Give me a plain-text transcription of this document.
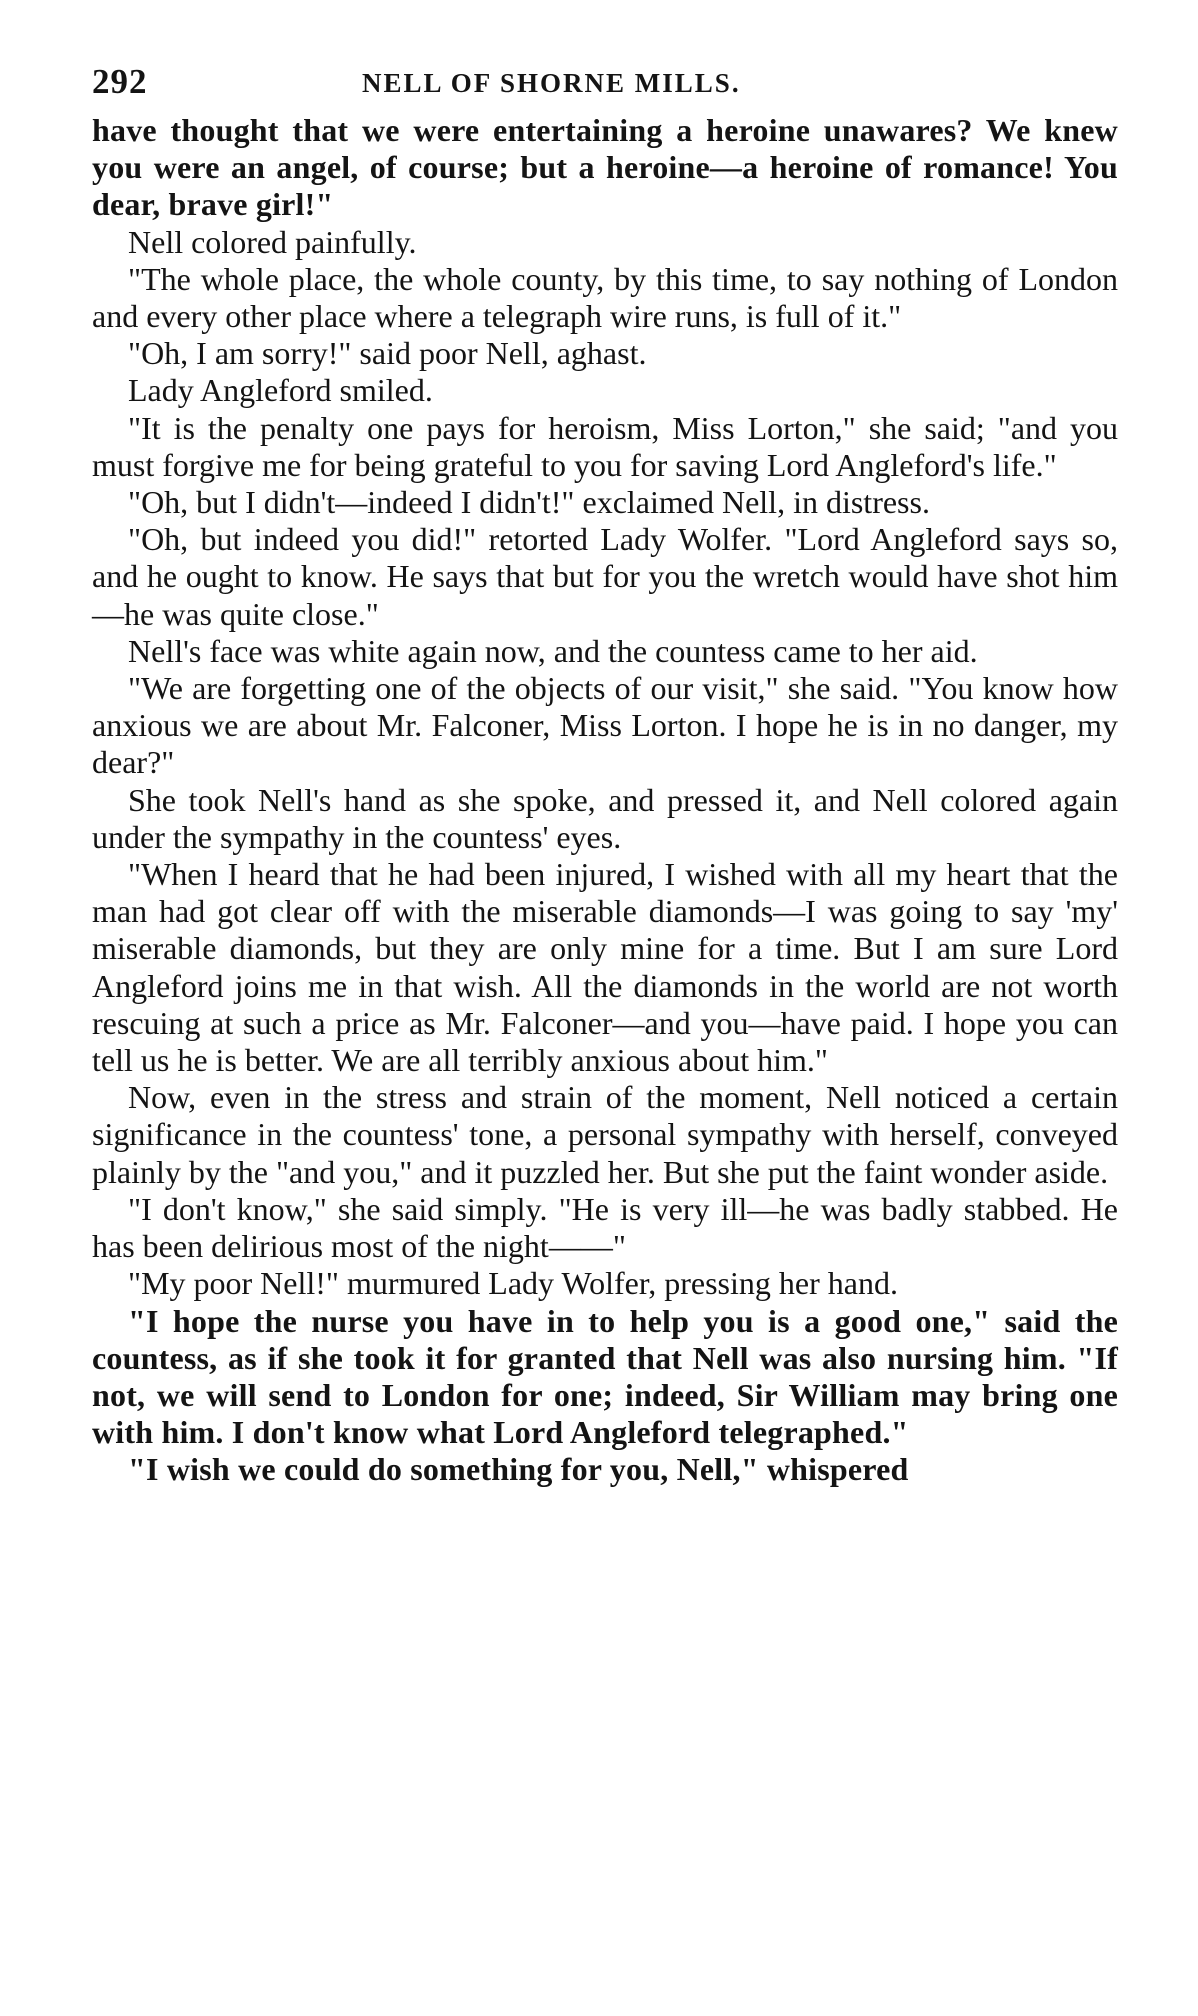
292	NELL OF SHORNE MILLS.

have thought that we were entertaining a heroine unawares? We knew you were an angel, of course; but a heroine—a heroine of romance! You dear, brave girl!"

Nell colored painfully.

"The whole place, the whole county, by this time, to say nothing of London and every other place where a telegraph wire runs, is full of it."

"Oh, I am sorry!" said poor Nell, aghast.

Lady Angleford smiled.

"It is the penalty one pays for heroism, Miss Lorton," she said; "and you must forgive me for being grateful to you for saving Lord Angleford's life."

"Oh, but I didn't—indeed I didn't!" exclaimed Nell, in distress.

"Oh, but indeed you did!" retorted Lady Wolfer. "Lord Angleford says so, and he ought to know. He says that but for you the wretch would have shot him—he was quite close."

Nell's face was white again now, and the countess came to her aid.

"We are forgetting one of the objects of our visit," she said. "You know how anxious we are about Mr. Falconer, Miss Lorton. I hope he is in no danger, my dear?"

She took Nell's hand as she spoke, and pressed it, and Nell colored again under the sympathy in the countess' eyes.

"When I heard that he had been injured, I wished with all my heart that the man had got clear off with the miserable diamonds—I was going to say 'my' miserable diamonds, but they are only mine for a time. But I am sure Lord Angleford joins me in that wish. All the diamonds in the world are not worth rescuing at such a price as Mr. Falconer—and you—have paid. I hope you can tell us he is better. We are all terribly anxious about him."

Now, even in the stress and strain of the moment, Nell noticed a certain significance in the countess' tone, a personal sympathy with herself, conveyed plainly by the "and you," and it puzzled her. But she put the faint wonder aside.

"I don't know," she said simply. "He is very ill—he was badly stabbed. He has been delirious most of the night——"

"My poor Nell!" murmured Lady Wolfer, pressing her hand.

"I hope the nurse you have in to help you is a good one," said the countess, as if she took it for granted that Nell was also nursing him. "If not, we will send to London for one; indeed, Sir William may bring one with him. I don't know what Lord Angleford telegraphed."

"I wish we could do something for you, Nell," whispered
